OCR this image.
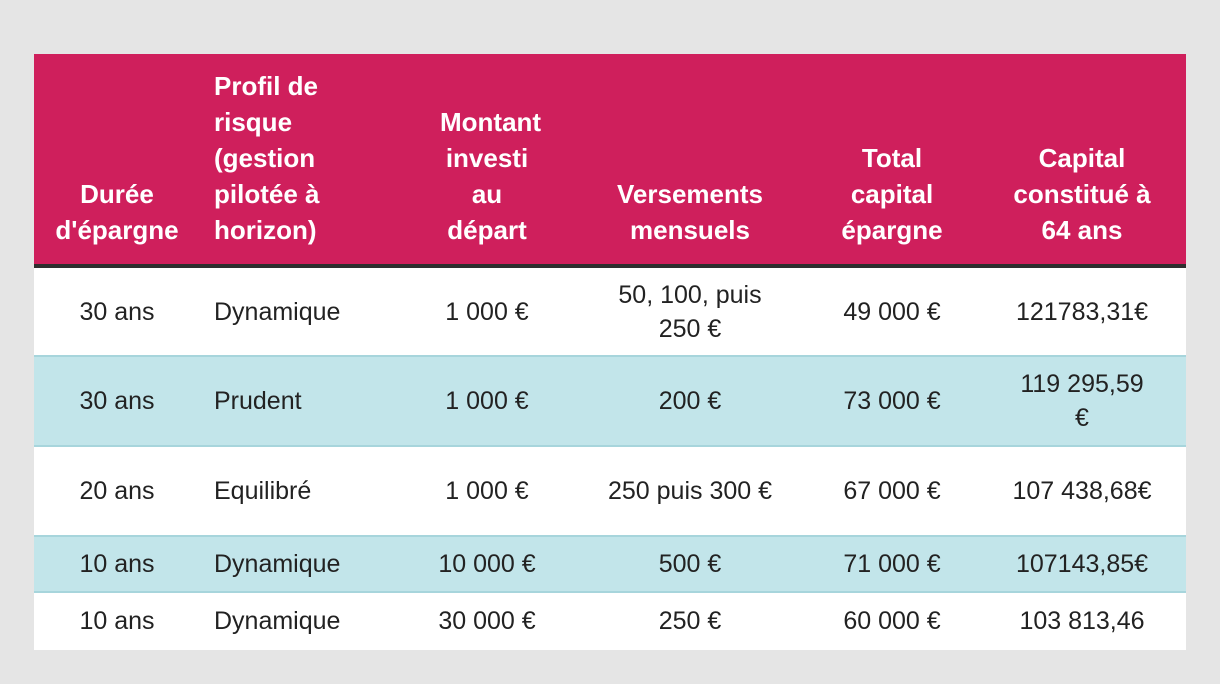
Durée d'épargne	Profil de risque (gestion pilotée à horizon)	Montant investi au départ	Versements mensuels	Total capital épargne	Capital constitué à 64 ans
30 ans	Dynamique	1 000 €	50, 100, puis 250 €	49 000 €	121783,31€
30 ans	Prudent	1 000 €	200 €	73 000 €	119 295,59 €
20 ans	Equilibré	1 000 €	250 puis 300 €	67 000 €	107 438,68€
10 ans	Dynamique	10 000 €	500 €	71 000 €	107143,85€
10 ans	Dynamique	30 000 €	250 €	60 000 €	103 813,46
